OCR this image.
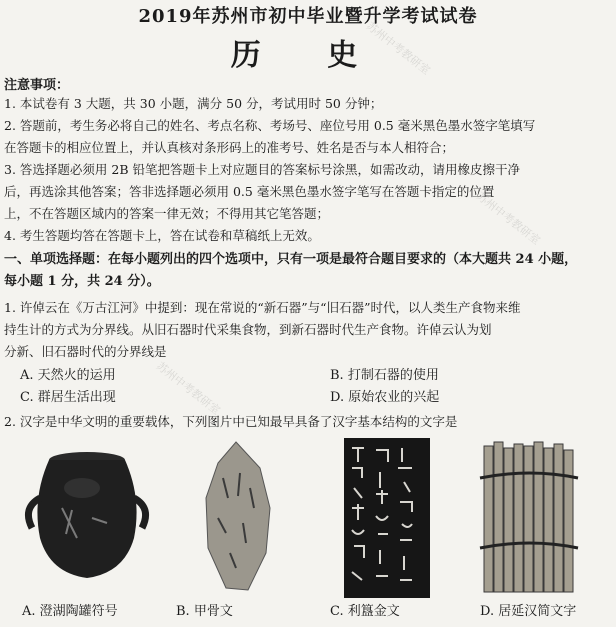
苏州中考教研室
苏州中考教研室
苏州中考教研室
2019年苏州市初中毕业暨升学考试试卷
历 史
注意事项：
1. 本试卷有 3 大题，共 30 小题，满分 50 分，考试用时 50 分钟；
2. 答题前，考生务必将自己的姓名、考点名称、考场号、座位号用 0.5 毫米黑色墨水签字笔填写
在答题卡的相应位置上，并认真核对条形码上的准考号、姓名是否与本人相符合；
3. 答选择题必须用 2B 铅笔把答题卡上对应题目的答案标号涂黑，如需改动，请用橡皮擦干净
后，再选涂其他答案；答非选择题必须用 0.5 毫米黑色墨水签字笔写在答题卡指定的位置
上，不在答题区域内的答案一律无效；不得用其它笔答题；
4. 考生答题均答在答题卡上，答在试卷和草稿纸上无效。
一、单项选择题：在每小题列出的四个选项中，只有一项是最符合题目要求的（本大题共 24 小题，
每小题 1 分，共 24 分）。
1. 许倬云在《万古江河》中提到：现在常说的“新石器”与“旧石器”时代，以人类生产食物来维
持生计的方式为分界线。从旧石器时代采集食物，到新石器时代生产食物。许倬云认为划
分新、旧石器时代的分界线是
A. 天然火的运用	B. 打制石器的使用
C. 群居生活出现	D. 原始农业的兴起
2. 汉字是中华文明的重要载体，下列图片中已知最早具备了汉字基本结构的文字是
A. 澄湖陶罐符号	B. 甲骨文	C. 利簋金文	D. 居延汉简文字
